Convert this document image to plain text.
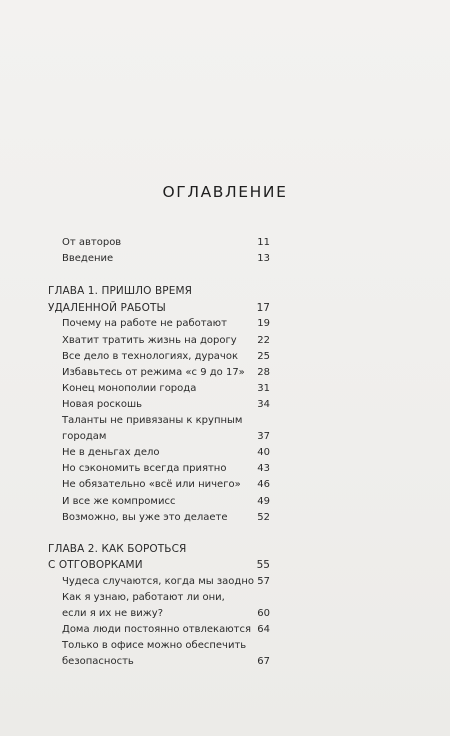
ОГЛАВЛЕНИЕ
От авторов	11
Введение	13
ГЛАВА 1. ПРИШЛО ВРЕМЯ
УДАЛЕННОЙ РАБОТЫ	17
Почему на работе не работают	19
Хватит тратить жизнь на дорогу 22
Все дело в технологиях, дурачок 25
Избавьтесь от режима «с 9 до 17» 28
Конец монополии города	31
Новая роскошь	34
Таланты не привязаны к крупным
городам	37
Не в деньгах дело	40
Но сэкономить всегда приятно	43
Не обязательно «всё или ничего» 46
И все же компромисс	49
Возможно, вы уже это делаете	52
ГЛАВА 2. КАК БОРОТЬСЯ
С ОТГОВОРКАМИ	55
Чудеса случаются, когда мы заодно 57
Как я узнаю, работают ли они,
если я их не вижу?	60
Дома люди постоянно отвлекаются 64
Только в офисе можно обеспечить
безопасность	67
